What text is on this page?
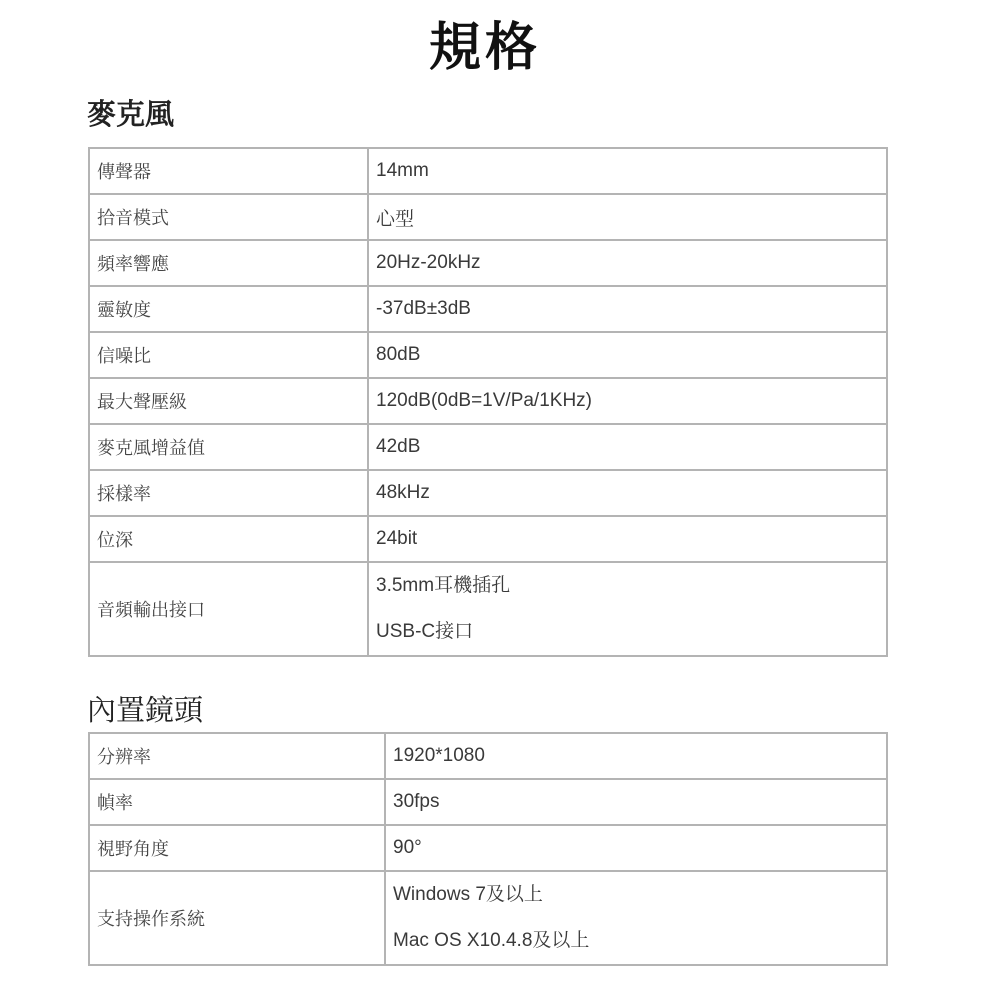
規格
麥克風
傳聲器	14mm
拾音模式	心型
頻率響應	20Hz-20kHz
靈敏度	-37dB±3dB
信噪比	80dB
最大聲壓級	120dB(0dB=1V/Pa/1KHz)
麥克風增益值	42dB
採樣率	48kHz
位深	24bit
音頻輸出接口	3.5mm耳機插孔
USB-C接口
內置鏡頭
分辨率	1920*1080
幀率	30fps
視野角度	90°
支持操作系統	Windows 7及以上
Mac OS X10.4.8及以上
